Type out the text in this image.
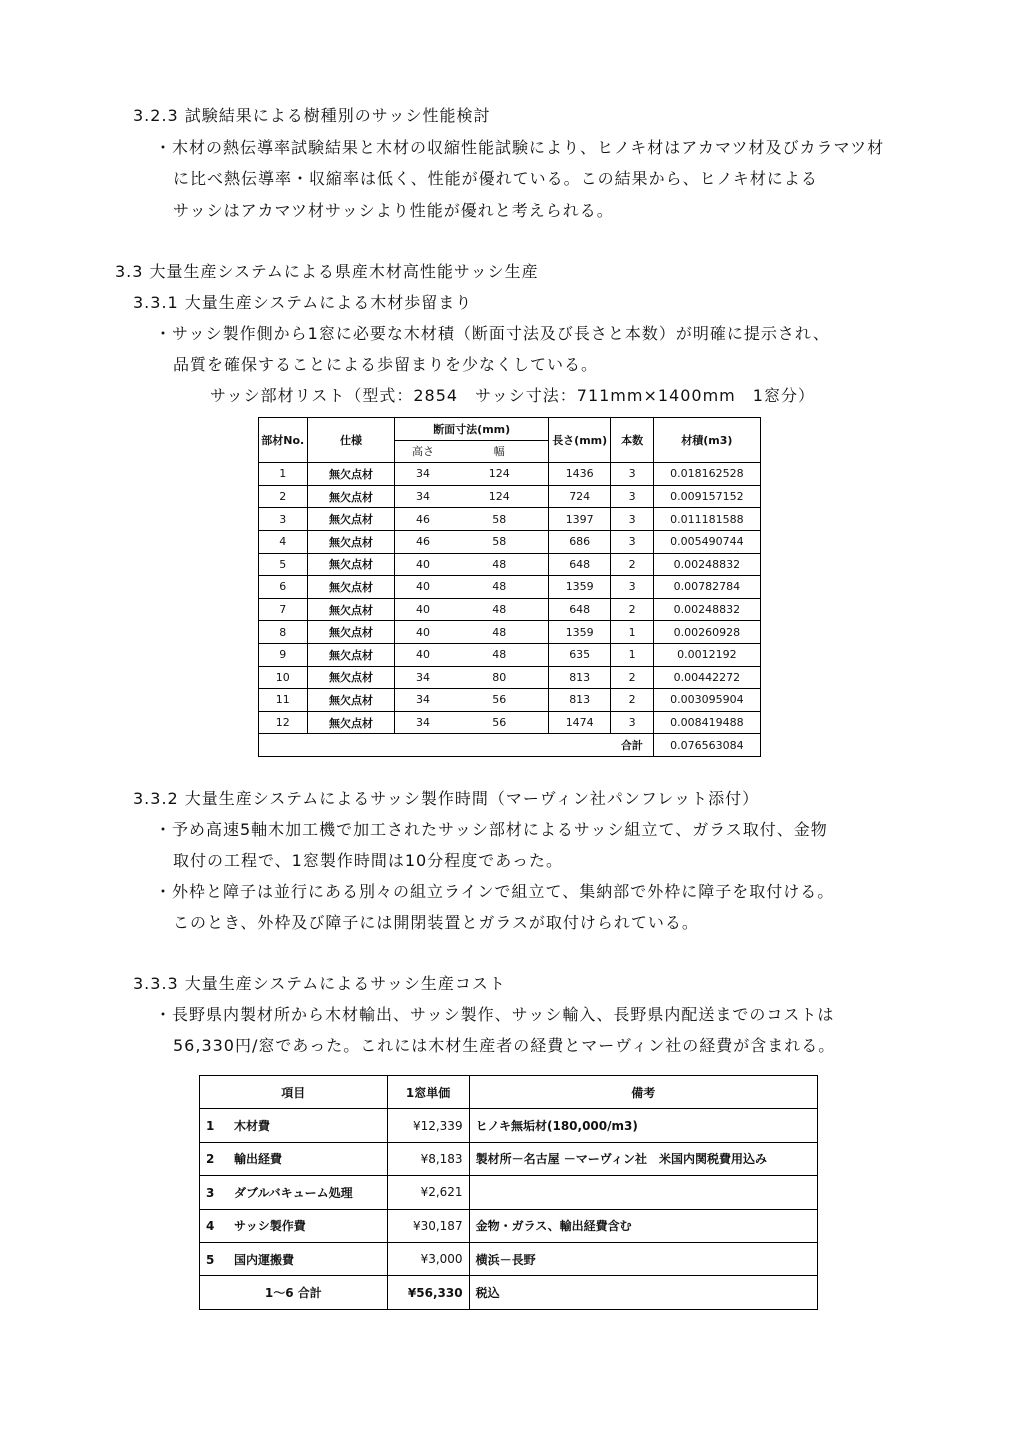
3.2.3 試験結果による樹種別のサッシ性能検討
・木材の熱伝導率試験結果と木材の収縮性能試験により、ヒノキ材はアカマツ材及びカラマツ材
に比べ熱伝導率・収縮率は低く、性能が優れている。この結果から、ヒノキ材による
サッシはアカマツ材サッシより性能が優れと考えられる。
3.3 大量生産システムによる県産木材高性能サッシ生産
3.3.1 大量生産システムによる木材歩留まり
・サッシ製作側から1窓に必要な木材積（断面寸法及び長さと本数）が明確に提示され、
品質を確保することによる歩留まりを少なくしている。
サッシ部材リスト（型式：2854　サッシ寸法：711mm×1400mm　1窓分）
部材No.	仕様	断面寸法(mm)		長さ(mm)	本数	材積(m3)
		高さ	幅			
1	無欠点材	34	124	1436	3	0.018162528
2	無欠点材	34	124	724	3	0.009157152
3	無欠点材	46	58	1397	3	0.011181588
4	無欠点材	46	58	686	3	0.005490744
5	無欠点材	40	48	648	2	0.00248832
6	無欠点材	40	48	1359	3	0.00782784
7	無欠点材	40	48	648	2	0.00248832
8	無欠点材	40	48	1359	1	0.00260928
9	無欠点材	40	48	635	1	0.0012192
10	無欠点材	34	80	813	2	0.00442272
11	無欠点材	34	56	813	2	0.003095904
12	無欠点材	34	56	1474	3	0.008419488
					合計	0.076563084
3.3.2 大量生産システムによるサッシ製作時間（マーヴィン社パンフレット添付）
・予め高速5軸木加工機で加工されたサッシ部材によるサッシ組立て、ガラス取付、金物
取付の工程で、1窓製作時間は10分程度であった。
・外枠と障子は並行にある別々の組立ラインで組立て、集納部で外枠に障子を取付ける。
このとき、外枠及び障子には開閉装置とガラスが取付けられている。
3.3.3 大量生産システムによるサッシ生産コスト
・長野県内製材所から木材輸出、サッシ製作、サッシ輸入、長野県内配送までのコストは
56,330円/窓であった。これには木材生産者の経費とマーヴィン社の経費が含まれる。
項目	1窓単価	備考
1 木材費	¥12,339	ヒノキ無垢材(180,000/m3)
2 輸出経費	¥8,183	製材所－名古屋 －マーヴィン社　米国内関税費用込み
3 ダブルバキューム処理	¥2,621	
4 サッシ製作費	¥30,187	金物・ガラス、輸出経費含む
5 国内運搬費	¥3,000	横浜－長野
1～6 合計	¥56,330	税込
